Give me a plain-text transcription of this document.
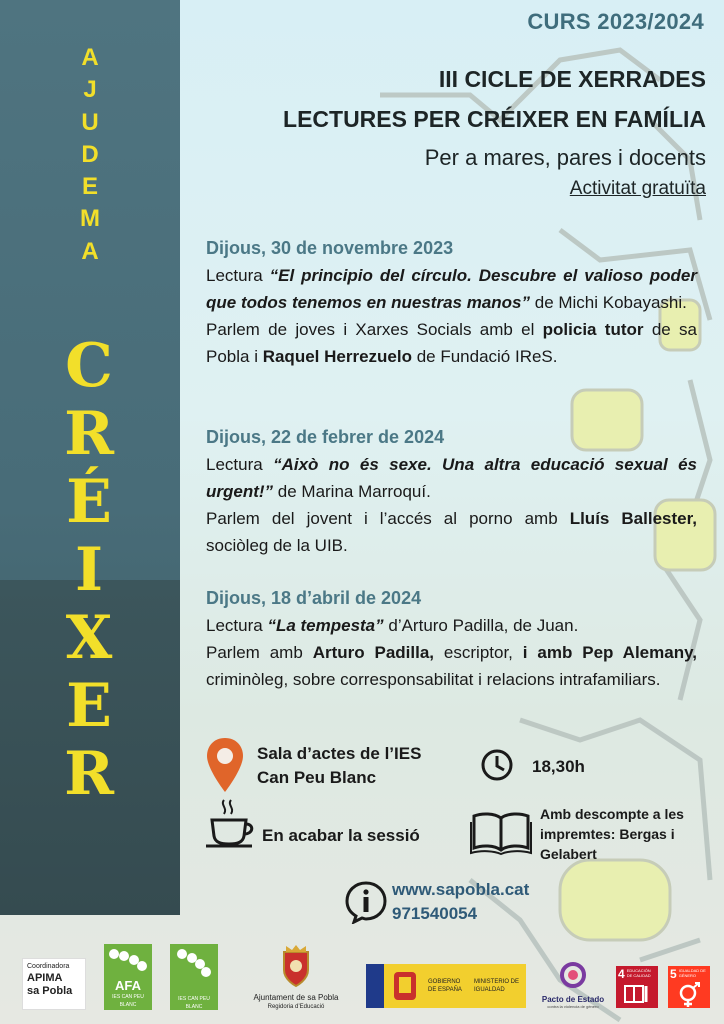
A
J
U
D
E
M
A
C
R
É
I
X
E
R
CURS 2023/2024
III CICLE DE XERRADES
LECTURES PER CRÉIXER EN FAMÍLIA
Per a mares, pares i docents
Activitat gratuïta
Dijous, 30 de novembre 2023

Lectura “El principio del círculo. Descubre el valioso poder que todos tenemos en nuestras manos” de Michi Kobayashi.

Parlem de joves i Xarxes Socials amb el policia tutor de sa Pobla i Raquel Herrezuelo de Fundació IReS.

Dijous, 22 de febrer de 2024

Lectura “Això no és sexe. Una altra educació sexual és urgent!” de Marina Marroquí.

Parlem del jovent i l’accés al porno amb Lluís Ballester, sociòleg de la UIB.

Dijous, 18 d’abril de 2024

Lectura “La tempesta” d’Arturo Padilla, de Juan.

Parlem amb Arturo Padilla, escriptor, i amb Pep Alemany, criminòleg, sobre corresponsabilitat i relacions intrafamiliars.

Sala d’actes de l’IES
Can Peu Blanc
18,30h
En acabar la sessió
Amb descompte a les
impremtes: Bergas i
Gelabert
www.sapobla.cat
971540054
Coordinadora
APIMA
sa Pobla	AFA
IES CAN PEU BLANC
IES CAN PEU BLANC
Ajuntament de sa Pobla
Regidoria d’Educació
GOBIERNO DE ESPAÑA
MINISTERIO DE IGUALDAD
Pacto de Estado
contra la violencia de género
4 EDUCACIÓN DE CALIDAD	5 IGUALDAD DE GÉNERO
